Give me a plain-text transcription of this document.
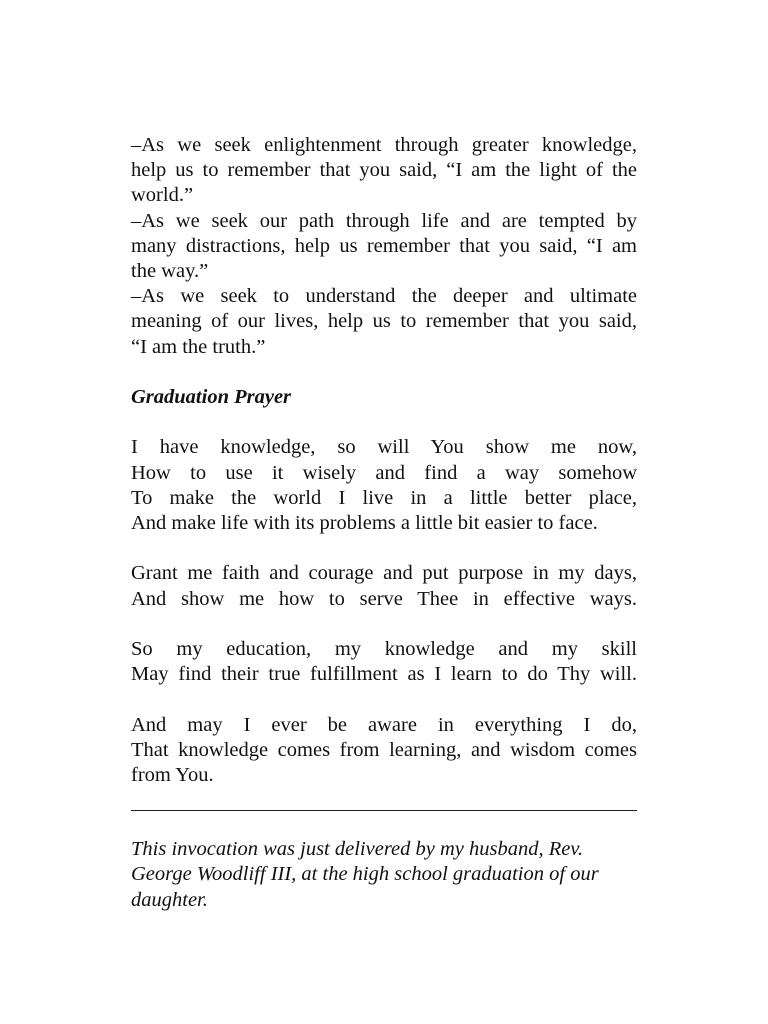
–As we seek enlightenment through greater knowledge,
help us to remember that you said, “I am the light of the
world.”
–As we seek our path through life and are tempted by
many distractions, help us remember that you said, “I am
the way.”
–As we seek to understand the deeper and ultimate
meaning of our lives, help us to remember that you said,
“I am the truth.”

Graduation Prayer

I have knowledge, so will You show me now,
How to use it wisely and find a way somehow
To make the world I live in a little better place,
And make life with its problems a little bit easier to face.
Grant me faith and courage and put purpose in my days,
And show me how to serve Thee in effective ways.
So my education, my knowledge and my skill
May find their true fulfillment as I learn to do Thy will.
And may I ever be aware in everything I do,
That knowledge comes from learning, and wisdom comes
from You.
This invocation was just delivered by my husband, Rev.
George Woodliff III, at the high school graduation of our
daughter.
